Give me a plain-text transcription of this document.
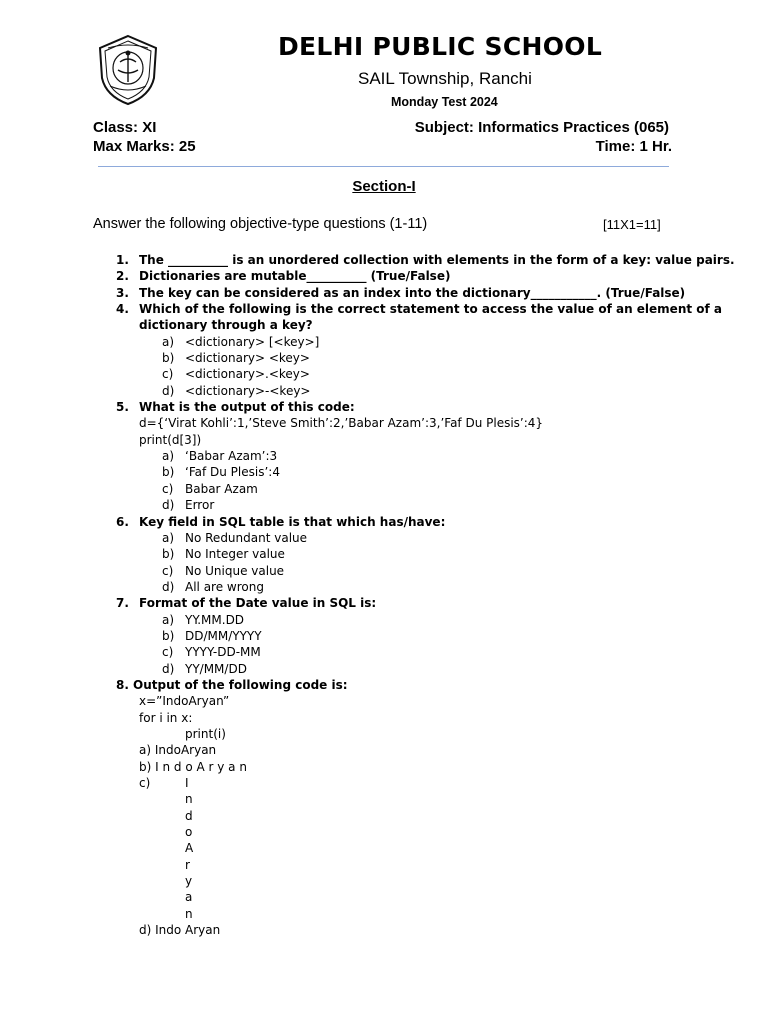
DELHI PUBLIC SCHOOL
SAIL Township, Ranchi
Monday Test 2024
Class: XI	Subject: Informatics Practices (065)
Max Marks: 25	Time: 1 Hr.
Section-I
Answer the following objective-type questions (1-11)	[11X1=11]
1. The __________ is an unordered collection with elements in the form of a key: value pairs.
2. Dictionaries are mutable__________ (True/False)
3. The key can be considered as an index into the dictionary___________. (True/False)
4. Which of the following is the correct statement to access the value of an element of a
dictionary through a key?
a) <dictionary> [<key>]
b) <dictionary> <key>
c) <dictionary>.<key>
d) <dictionary>-<key>
5. What is the output of this code:
d={‘Virat Kohli’:1,’Steve Smith’:2,’Babar Azam’:3,’Faf Du Plesis’:4}
print(d[3])
a) ‘Babar Azam’:3
b) ‘Faf Du Plesis’:4
c) Babar Azam
d) Error
6. Key field in SQL table is that which has/have:
a) No Redundant value
b) No Integer value
c) No Unique value
d) All are wrong
7. Format of the Date value in SQL is:
a) YY.MM.DD
b) DD/MM/YYYY
c) YYYY-DD-MM
d) YY/MM/DD
8. Output of the following code is:
x=”IndoAryan”
for i in x:
print(i)
a) IndoAryan
b) I n d o A r y a n
c)	I
n
d
o
A
r
y
a
n
d) Indo Aryan
